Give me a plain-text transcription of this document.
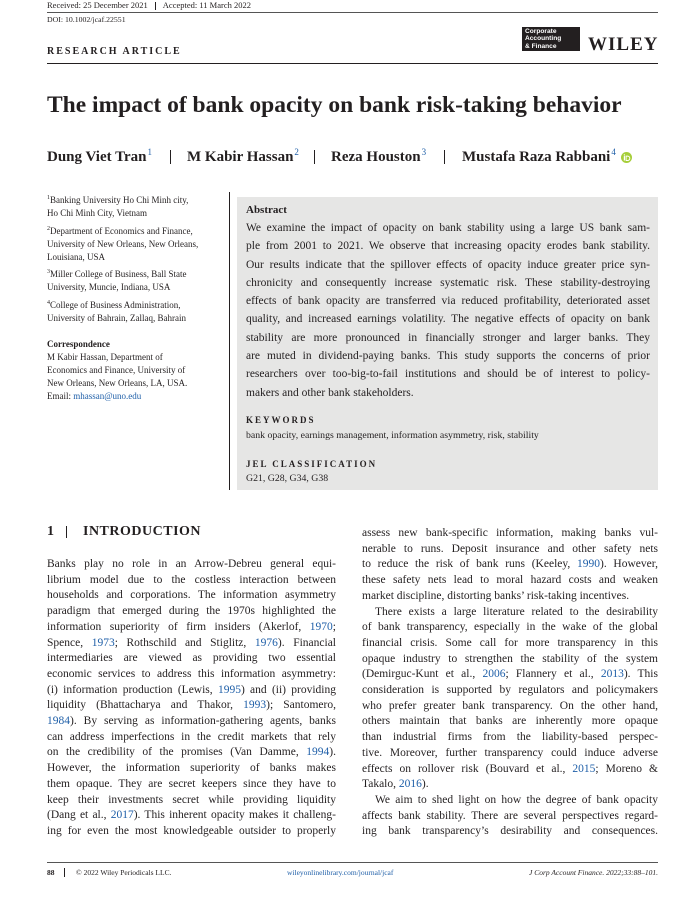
Received: 25 December 2021 Accepted: 11 March 2022
DOI: 10.1002/jcaf.22551
Corporate
Accounting
& Finance	WILEY
RESEARCH ARTICLE
The impact of bank opacity on bank risk-taking behavior
Dung Viet Tran$^1$ M Kabir Hassan$^2$ Reza Houston$^3$ Mustafa Raza Rabbani$^4$
$^1$Banking University Ho Chi Minh city,
Ho Chi Minh City, Vietnam
$^2$Department of Economics and Finance,
University of New Orleans, New Orleans,
Louisiana, USA
$^3$Miller College of Business, Ball State
University, Muncie, Indiana, USA
$^4$College of Business Administration,
University of Bahrain, Zallaq, Bahrain
Correspondence
M Kabir Hassan, Department of
Economics and Finance, University of
New Orleans, New Orleans, LA, USA.
Email: mhassan@uno.edu
Abstract
We examine the impact of opacity on bank stability using a large US bank sam-
ple from 2001 to 2021. We observe that increasing opacity erodes bank stability.
Our results indicate that the spillover effects of opacity induce greater price syn-
chronicity and consequently increase systematic risk. These stability-destroying
effects of bank opacity are transferred via reduced profitability, deteriorated asset
quality, and increased earnings volatility. The negative effects of opacity on bank
stability are more pronounced in financially stronger and larger banks. They
are muted in dividend-paying banks. This study supports the concerns of prior
researchers over too-big-to-fail institutions and should be of interest to policy-
makers and other bank stakeholders.
KEYWORDS
bank opacity, earnings management, information asymmetry, risk, stability
JEL CLASSIFICATION
G21, G28, G34, G38
1 INTRODUCTION
Banks play no role in an Arrow-Debreu general equi-
librium model due to the costless interaction between
households and corporations. The information asymmetry
paradigm that emerged during the 1970s highlighted the
information superiority of firm insiders (Akerlof, 1970;
Spence, 1973; Rothschild and Stiglitz, 1976). Financial
intermediaries are viewed as providing two essential
economic services to address this information asymmetry:
(i) information production (Lewis, 1995) and (ii) providing
liquidity (Bhattacharya and Thakor, 1993); Santomero,
1984). By serving as information-gathering agents, banks
can address imperfections in the credit markets that rely
on the credibility of the promises (Van Damme, 1994).
However, the information superiority of banks makes
them opaque. They are secret keepers since they have to
keep their investments secret while providing liquidity
(Dang et al., 2017). This inherent opacity makes it challeng-
ing for even the most knowledgeable outsider to properly
assess new bank-specific information, making banks vul-
nerable to runs. Deposit insurance and other safety nets
to reduce the risk of bank runs (Keeley, 1990). However,
these safety nets lead to moral hazard costs and weaken
market discipline, distorting banks’ risk-taking incentives.
There exists a large literature related to the desirability
of bank transparency, especially in the wake of the global
financial crisis. Some call for more transparency in this
opaque industry to strengthen the stability of the system
(Demirguc-Kunt et al., 2006; Flannery et al., 2013). This
consideration is supported by regulators and policymakers
who prefer greater bank transparency. On the other hand,
others maintain that banks are inherently more opaque
than industrial firms from the liability-based perspec-
tive. Moreover, further transparency could induce adverse
effects on rollover risk (Bouvard et al., 2015; Moreno &
Takalo, 2016).
We aim to shed light on how the degree of bank opacity
affects bank stability. There are several perspectives regard-
ing bank transparency’s desirability and consequences.
88	© 2022 Wiley Periodicals LLC.	wileyonlinelibrary.com/journal/jcaf	J Corp Account Finance. 2022;33:88–101.
